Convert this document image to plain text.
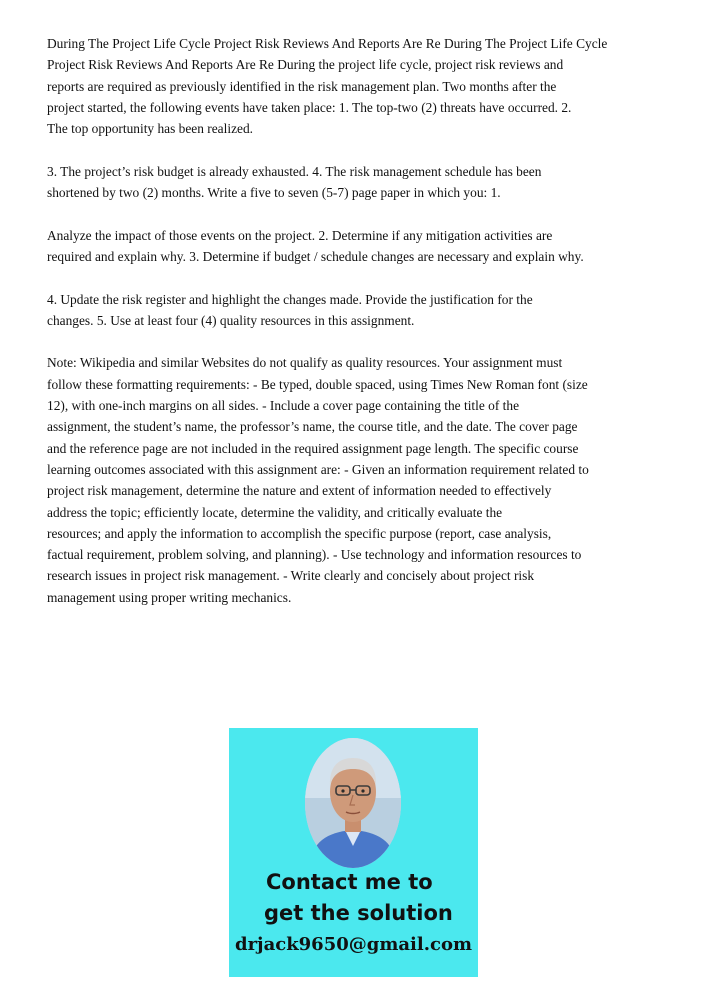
During The Project Life Cycle Project Risk Reviews And Reports Are Re During The Project Life Cycle
Project Risk Reviews And Reports Are Re During the project life cycle, project risk reviews and
reports are required as previously identified in the risk management plan. Two months after the
project started, the following events have taken place: 1. The top-two (2) threats have occurred. 2.
The top opportunity has been realized.
3. The project’s risk budget is already exhausted. 4. The risk management schedule has been
shortened by two (2) months. Write a five to seven (5-7) page paper in which you: 1.
Analyze the impact of those events on the project. 2. Determine if any mitigation activities are
required and explain why. 3. Determine if budget / schedule changes are necessary and explain why.
4. Update the risk register and highlight the changes made. Provide the justification for the
changes. 5. Use at least four (4) quality resources in this assignment.
Note: Wikipedia and similar Websites do not qualify as quality resources. Your assignment must
follow these formatting requirements: - Be typed, double spaced, using Times New Roman font (size
12), with one-inch margins on all sides. - Include a cover page containing the title of the
assignment, the student’s name, the professor’s name, the course title, and the date. The cover page
and the reference page are not included in the required assignment page length. The specific course
learning outcomes associated with this assignment are: - Given an information requirement related to
project risk management, determine the nature and extent of information needed to effectively
address the topic; efficiently locate, determine the validity, and critically evaluate the
resources; and apply the information to accomplish the specific purpose (report, case analysis,
factual requirement, problem solving, and planning). - Use technology and information resources to
research issues in project risk management. - Write clearly and concisely about project risk
management using proper writing mechanics.
Contact me to
get the solution
drjack9650@gmail.com
